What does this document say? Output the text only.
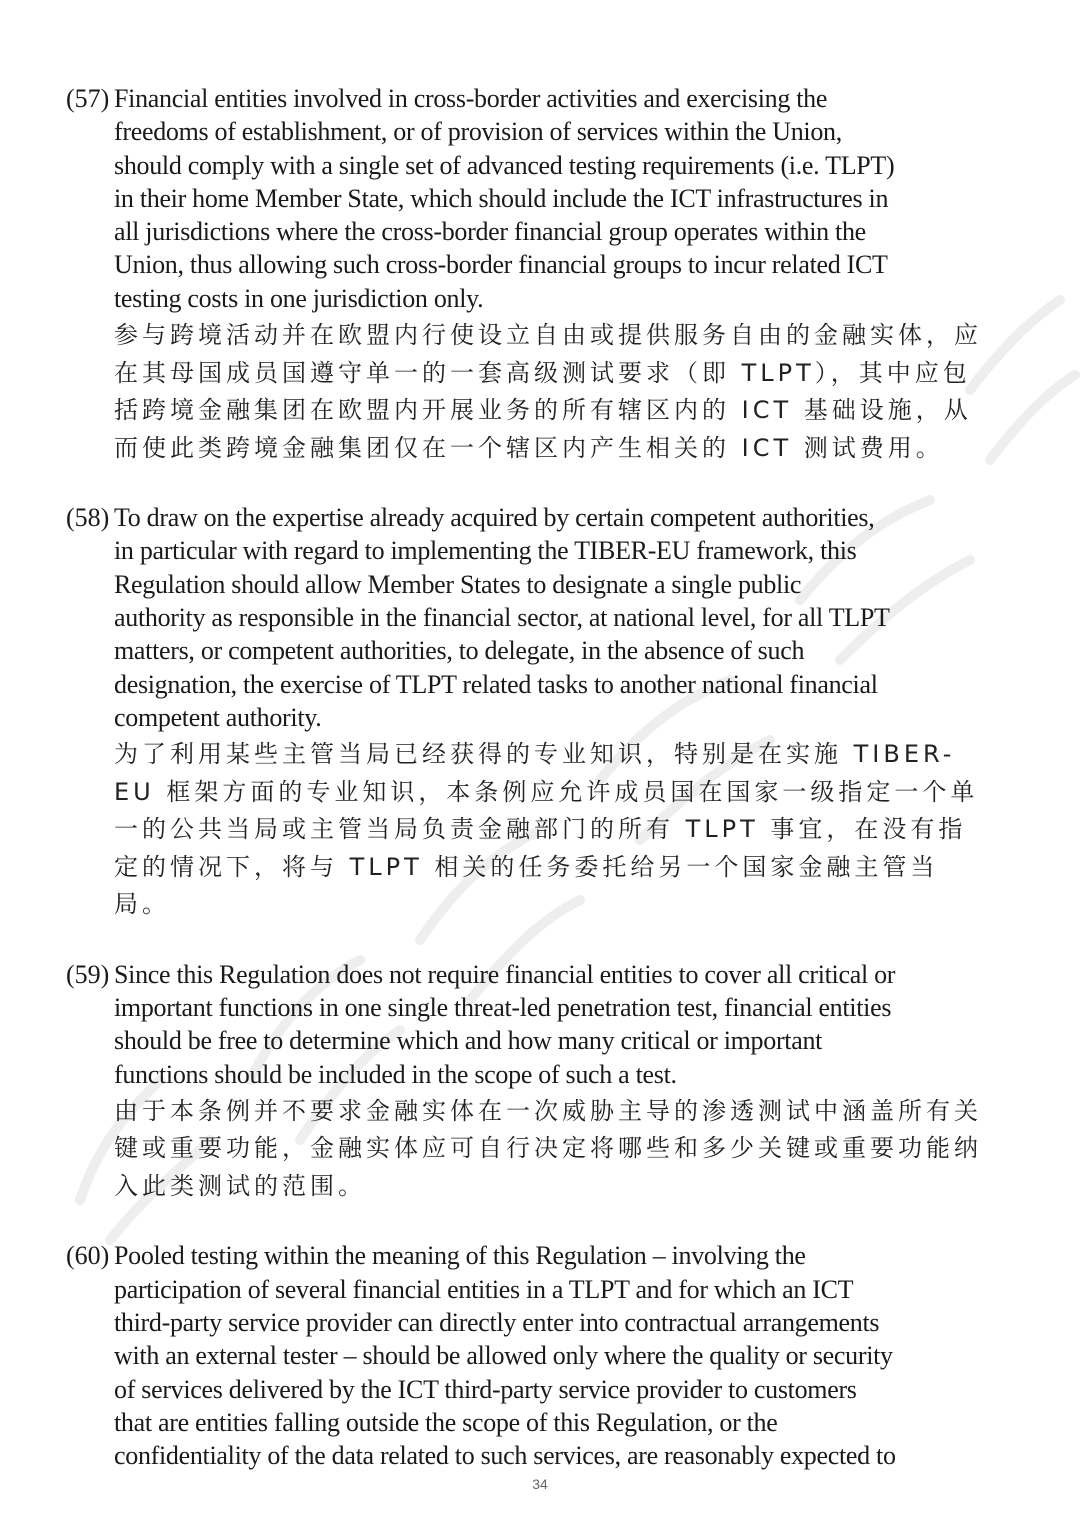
(57) Financial entities involved in cross-border activities and exercising the
freedoms of establishment, or of provision of services within the Union,
should comply with a single set of advanced testing requirements (i.e. TLPT)
in their home Member State, which should include the ICT infrastructures in
all jurisdictions where the cross-border financial group operates within the
Union, thus allowing such cross-border financial groups to incur related ICT
testing costs in one jurisdiction only.
参与跨境活动并在欧盟内行使设立自由或提供服务自由的金融实体，应
在其母国成员国遵守单一的一套高级测试要求（即 TLPT），其中应包
括跨境金融集团在欧盟内开展业务的所有辖区内的 ICT 基础设施，从
而使此类跨境金融集团仅在一个辖区内产生相关的 ICT 测试费用。
(58) To draw on the expertise already acquired by certain competent authorities,
in particular with regard to implementing the TIBER-EU framework, this
Regulation should allow Member States to designate a single public
authority as responsible in the financial sector, at national level, for all TLPT
matters, or competent authorities, to delegate, in the absence of such
designation, the exercise of TLPT related tasks to another national financial
competent authority.
为了利用某些主管当局已经获得的专业知识，特别是在实施 TIBER-
EU 框架方面的专业知识，本条例应允许成员国在国家一级指定一个单
一的公共当局或主管当局负责金融部门的所有 TLPT 事宜，在没有指
定的情况下，将与 TLPT 相关的任务委托给另一个国家金融主管当
局。
(59) Since this Regulation does not require financial entities to cover all critical or
important functions in one single threat-led penetration test, financial entities
should be free to determine which and how many critical or important
functions should be included in the scope of such a test.
由于本条例并不要求金融实体在一次威胁主导的渗透测试中涵盖所有关
键或重要功能，金融实体应可自行决定将哪些和多少关键或重要功能纳
入此类测试的范围。
(60) Pooled testing within the meaning of this Regulation – involving the
participation of several financial entities in a TLPT and for which an ICT
third-party service provider can directly enter into contractual arrangements
with an external tester – should be allowed only where the quality or security
of services delivered by the ICT third-party service provider to customers
that are entities falling outside the scope of this Regulation, or the
confidentiality of the data related to such services, are reasonably expected to
34
